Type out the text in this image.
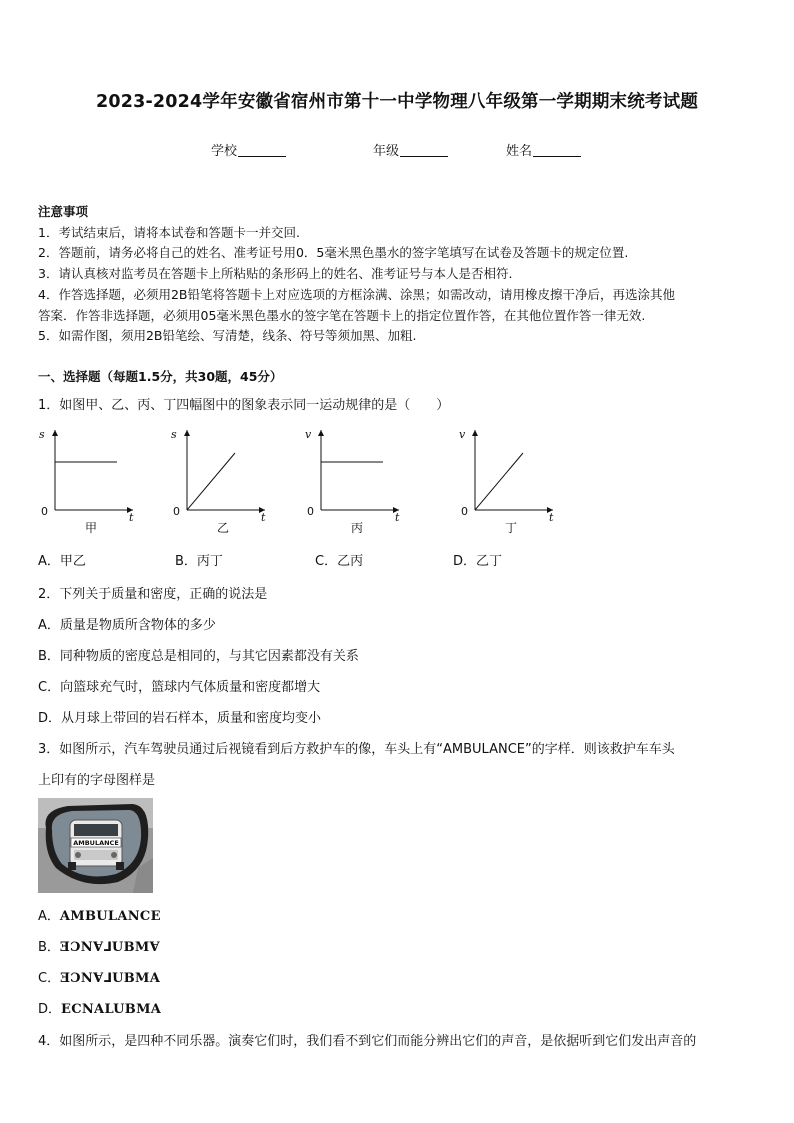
2023-2024学年安徽省宿州市第十一中学物理八年级第一学期期末统考试题
学校	年级	姓名
注意事项
1．考试结束后，请将本试卷和答题卡一并交回.
2．答题前，请务必将自己的姓名、准考证号用0．5毫米黑色墨水的签字笔填写在试卷及答题卡的规定位置.
3．请认真核对监考员在答题卡上所粘贴的条形码上的姓名、准考证号与本人是否相符.
4．作答选择题，必须用2B铅笔将答题卡上对应选项的方框涂满、涂黑；如需改动，请用橡皮擦干净后，再选涂其他
答案．作答非选择题，必须用05毫米黑色墨水的签字笔在答题卡上的指定位置作答，在其他位置作答一律无效.
5．如需作图，须用2B铅笔绘、写清楚，线条、符号等须加黑、加粗.
一、选择题（每题1.5分，共30题，45分）
1．如图甲、乙、丙、丁四幅图中的图象表示同一运动规律的是（　　）
s
t
0
甲
s
t
0
乙
v
t
0
丙
v
t
0
丁
A．甲乙	B．丙丁	C．乙丙	D．乙丁
2．下列关于质量和密度，正确的说法是
A．质量是物质所含物体的多少
B．同种物质的密度总是相同的，与其它因素都没有关系
C．向篮球充气时，篮球内气体质量和密度都增大
D．从月球上带回的岩石样本，质量和密度均变小
3．如图所示，汽车驾驶员通过后视镜看到后方救护车的像，车头上有“AMBULANCE”的字样．则该救护车车头
上印有的字母图样是
AMBULANCE
A．AMBULANCE
B．ƎƆNⱯ⅃UBMⱯ
C．ƎƆNⱯ⅃UBMA
D．ECNALUBMA
4．如图所示，是四种不同乐器。演奏它们时，我们看不到它们而能分辨出它们的声音，是依据听到它们发出声音的
